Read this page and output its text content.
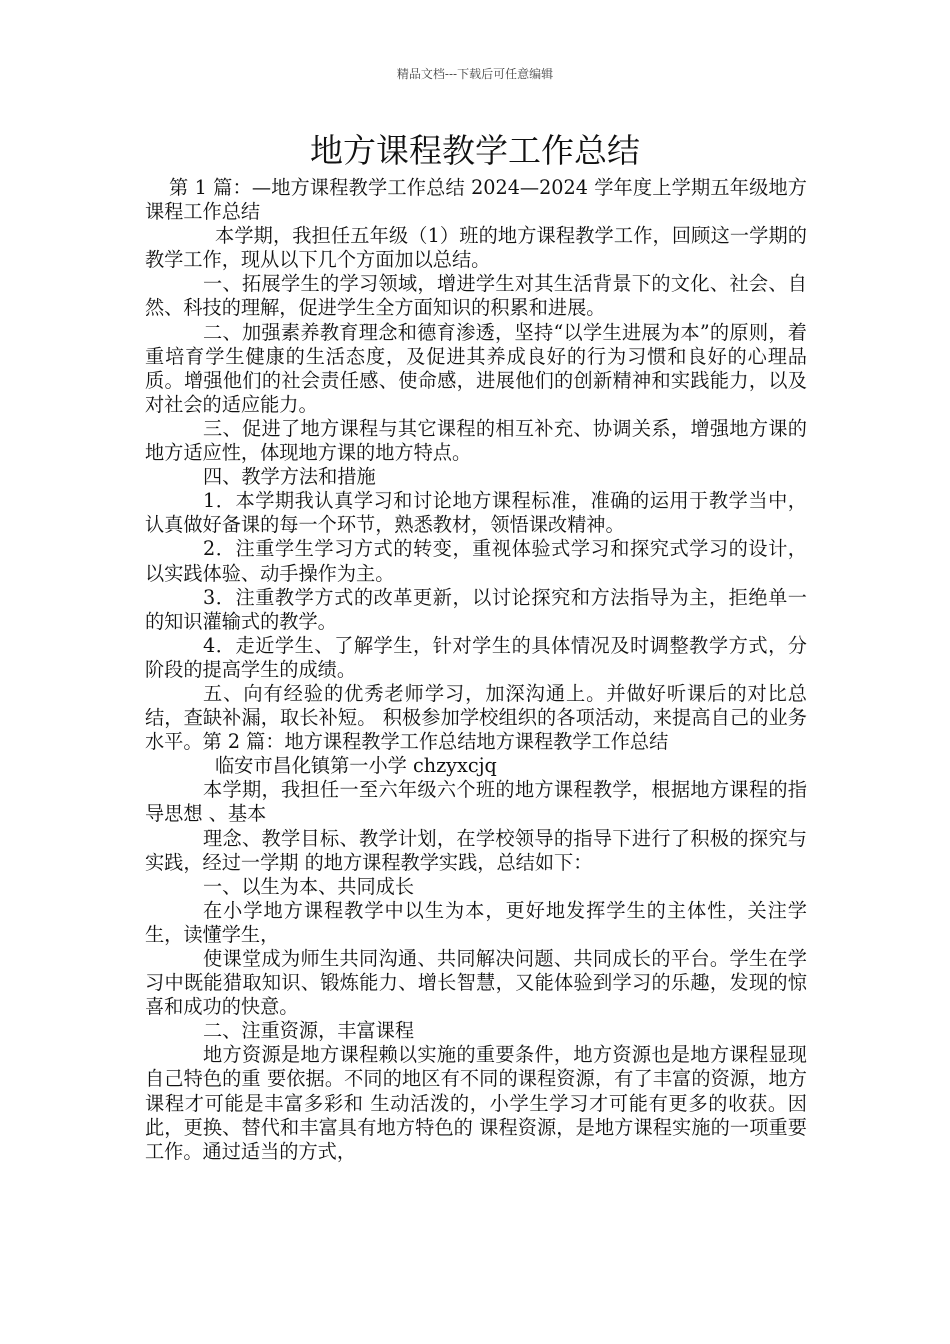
精品文档---下载后可任意编辑
地方课程教学工作总结

第 1 篇：—地方课程教学工作总结 2024—2024 学年度上学期五年级地方课程工作总结

本学期，我担任五年级（1）班的地方课程教学工作，回顾这一学期的教学工作，现从以下几个方面加以总结。

一、拓展学生的学习领域，增进学生对其生活背景下的文化、社会、自然、科技的理解，促进学生全方面知识的积累和进展。

二、加强素养教育理念和德育渗透，坚持“以学生进展为本”的原则，着重培育学生健康的生活态度，及促进其养成良好的行为习惯和良好的心理品质。增强他们的社会责任感、使命感，进展他们的创新精神和实践能力，以及对社会的适应能力。

三、促进了地方课程与其它课程的相互补充、协调关系，增强地方课的地方适应性，体现地方课的地方特点。

四、教学方法和措施

1．本学期我认真学习和讨论地方课程标准，准确的运用于教学当中，认真做好备课的每一个环节，熟悉教材，领悟课改精神。

2．注重学生学习方式的转变，重视体验式学习和探究式学习的设计，以实践体验、动手操作为主。

3．注重教学方式的改革更新，以讨论探究和方法指导为主，拒绝单一的知识灌输式的教学。

4．走近学生、了解学生，针对学生的具体情况及时调整教学方式，分阶段的提高学生的成绩。

五、向有经验的优秀老师学习，加深沟通上。并做好听课后的对比总结，查缺补漏，取长补短。 积极参加学校组织的各项活动，来提高自己的业务水平。第 2 篇：地方课程教学工作总结地方课程教学工作总结

临安市昌化镇第一小学 chzyxcjq

本学期，我担任一至六年级六个班的地方课程教学，根据地方课程的指导思想 、基本

理念、教学目标、教学计划，在学校领导的指导下进行了积极的探究与实践，经过一学期 的地方课程教学实践，总结如下：

一、以生为本、共同成长

在小学地方课程教学中以生为本，更好地发挥学生的主体性，关注学生，读懂学生，

使课堂成为师生共同沟通、共同解决问题、共同成长的平台。学生在学习中既能猎取知识、锻炼能力、增长智慧，又能体验到学习的乐趣，发现的惊喜和成功的快意。

二、注重资源，丰富课程

地方资源是地方课程赖以实施的重要条件，地方资源也是地方课程显现自己特色的重 要依据。不同的地区有不同的课程资源，有了丰富的资源，地方课程才可能是丰富多彩和 生动活泼的，小学生学习才可能有更多的收获。因此，更换、替代和丰富具有地方特色的 课程资源，是地方课程实施的一项重要工作。通过适当的方式，
